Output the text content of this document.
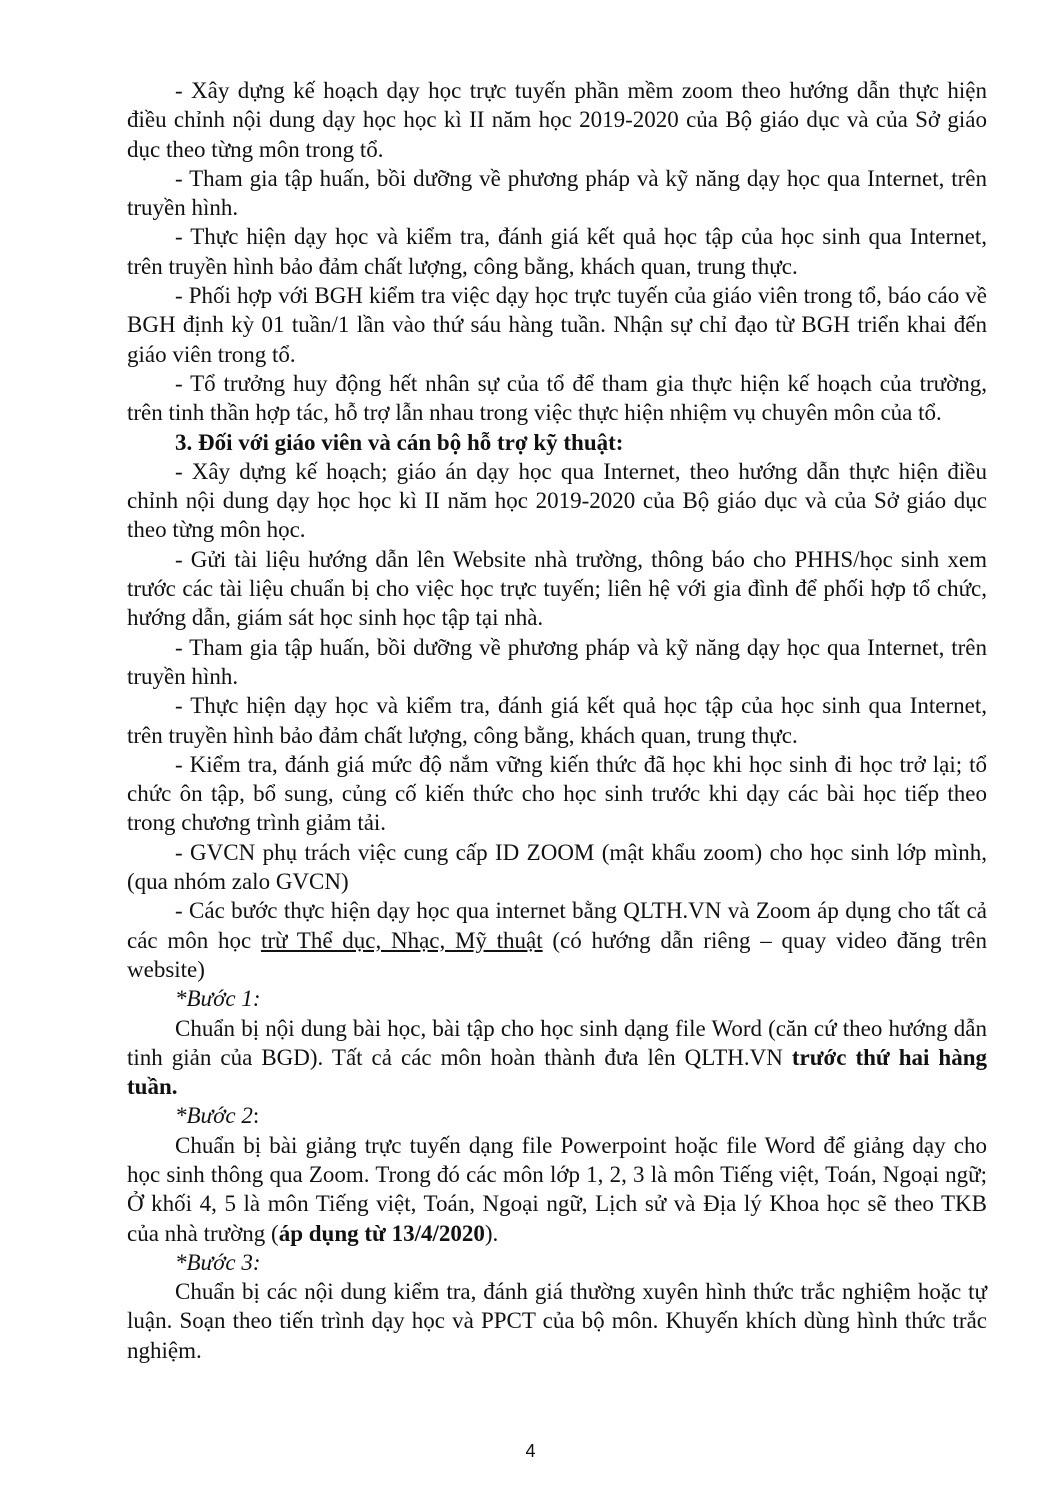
- Xây dựng kế hoạch dạy học trực tuyến phần mềm zoom theo hướng dẫn thực hiện điều chỉnh nội dung dạy học học kì II năm học 2019-2020 của Bộ giáo dục và của Sở giáo dục theo từng môn trong tổ.

- Tham gia tập huấn, bồi dưỡng về phương pháp và kỹ năng dạy học qua Internet, trên truyền hình.

- Thực hiện dạy học và kiểm tra, đánh giá kết quả học tập của học sinh qua Internet, trên truyền hình bảo đảm chất lượng, công bằng, khách quan, trung thực.

- Phối hợp với BGH kiểm tra việc dạy học trực tuyến của giáo viên trong tổ, báo cáo về BGH định kỳ 01 tuần/1 lần vào thứ sáu hàng tuần. Nhận sự chỉ đạo từ BGH triển khai đến giáo viên trong tổ.

- Tổ trưởng huy động hết nhân sự của tổ để tham gia thực hiện kế hoạch của trường, trên tinh thần hợp tác, hỗ trợ lẫn nhau trong việc thực hiện nhiệm vụ chuyên môn của tổ.

3. Đối với giáo viên và cán bộ hỗ trợ kỹ thuật:

- Xây dựng kế hoạch; giáo án dạy học qua Internet, theo hướng dẫn thực hiện điều chỉnh nội dung dạy học học kì II năm học 2019-2020 của Bộ giáo dục và của Sở giáo dục theo từng môn học.

- Gửi tài liệu hướng dẫn lên Website nhà trường, thông báo cho PHHS/học sinh xem trước các tài liệu chuẩn bị cho việc học trực tuyến; liên hệ với gia đình để phối hợp tổ chức, hướng dẫn, giám sát học sinh học tập tại nhà.

- Tham gia tập huấn, bồi dưỡng về phương pháp và kỹ năng dạy học qua Internet, trên truyền hình.

- Thực hiện dạy học và kiểm tra, đánh giá kết quả học tập của học sinh qua Internet, trên truyền hình bảo đảm chất lượng, công bằng, khách quan, trung thực.

- Kiểm tra, đánh giá mức độ nắm vững kiến thức đã học khi học sinh đi học trở lại; tổ chức ôn tập, bổ sung, củng cố kiến thức cho học sinh trước khi dạy các bài học tiếp theo trong chương trình giảm tải.

- GVCN phụ trách việc cung cấp ID ZOOM (mật khẩu zoom) cho học sinh lớp mình, (qua nhóm zalo GVCN)

- Các bước thực hiện dạy học qua internet bằng QLTH.VN và Zoom áp dụng cho tất cả các môn học trừ Thể dục, Nhạc, Mỹ thuật (có hướng dẫn riêng – quay video đăng trên website)

*Bước 1:

Chuẩn bị nội dung bài học, bài tập cho học sinh dạng file Word (căn cứ theo hướng dẫn tinh giản của BGD). Tất cả các môn hoàn thành đưa lên QLTH.VN trước thứ hai hàng tuần.

*Bước 2:

Chuẩn bị bài giảng trực tuyến dạng file Powerpoint hoặc file Word để giảng dạy cho học sinh thông qua Zoom. Trong đó các môn lớp 1, 2, 3 là môn Tiếng việt, Toán, Ngoại ngữ; Ở khối 4, 5 là môn Tiếng việt, Toán, Ngoại ngữ, Lịch sử và Địa lý Khoa học sẽ theo TKB của nhà trường (áp dụng từ 13/4/2020).

*Bước 3:

Chuẩn bị các nội dung kiểm tra, đánh giá thường xuyên hình thức trắc nghiệm hoặc tự luận. Soạn theo tiến trình dạy học và PPCT của bộ môn. Khuyến khích dùng hình thức trắc nghiệm.

4
